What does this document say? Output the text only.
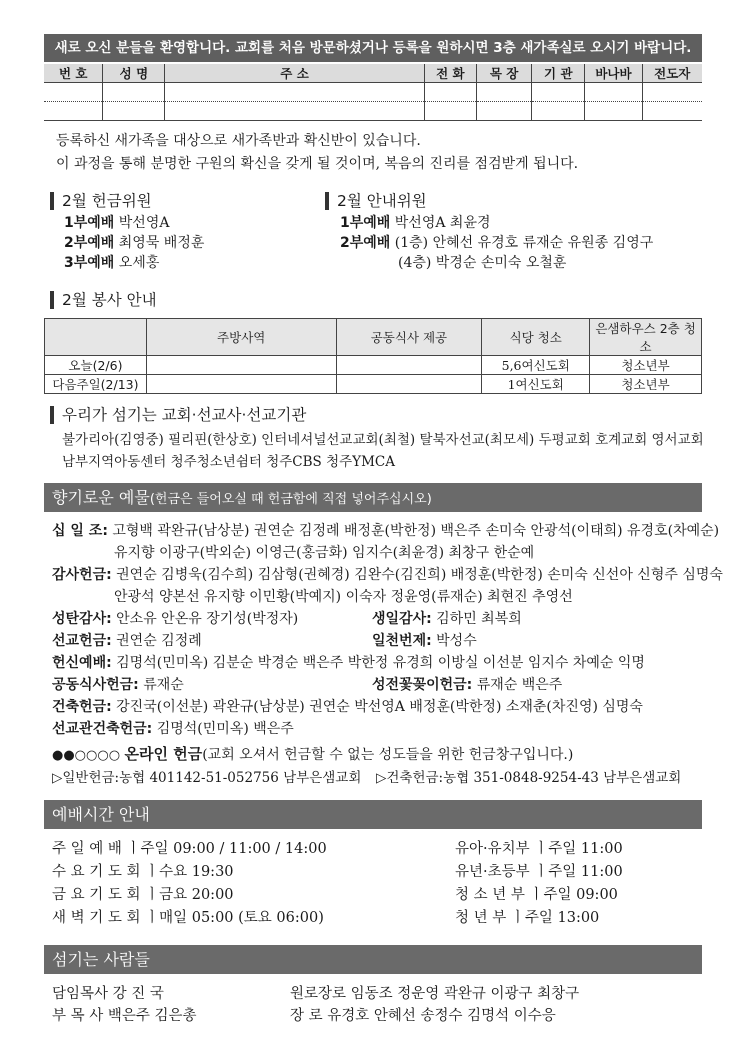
새로 오신 분들을 환영합니다. 교회를 처음 방문하셨거나 등록을 원하시면 3층 새가족실로 오시기 바랍니다.
번 호	성 명	주 소	전 화	목 장	기 관	바나바	전도자

등록하신 새가족을 대상으로 새가족반과 확신반이 있습니다.
이 과정을 통해 분명한 구원의 확신을 갖게 될 것이며, 복음의 진리를 점검받게 됩니다.
2월 헌금위원
1부예배 박선영A
2부예배 최영묵 배정훈
3부예배 오세홍
2월 안내위원
1부예배 박선영A 최윤경
2부예배 (1층) 안혜선 유경호 류재순 유원종 김영구
(4층) 박경순 손미숙 오철훈
2월 봉사 안내
	주방사역	공동식사 제공	식당 청소	은샘하우스 2층 청소
오늘(2/6)			5,6여신도회	청소년부
다음주일(2/13)			1여신도회	청소년부
우리가 섬기는 교회·선교사·선교기관
불가리아(김영중) 필리핀(한상호) 인터네셔널선교교회(최철) 탈북자선교(최모세) 두평교회 호계교회 영서교회
남부지역아동센터 청주청소년쉼터 청주CBS 청주YMCA
향기로운 예물(헌금은 들어오실 때 헌금함에 직접 넣어주십시오)
십 일 조: 고형백 곽완규(남상분) 권연순 김정례 배정훈(박한정) 백은주 손미숙 안광석(이태희) 유경호(차예순)
유지향 이광구(박외순) 이영근(홍금화) 임지수(최윤경) 최창구 한순예
감사헌금: 권연순 김병욱(김수희) 김삼형(권혜경) 김완수(김진희) 배정훈(박한정) 손미숙 신선아 신형주 심명숙
안광석 양본선 유지향 이민황(박예지) 이숙자 정윤영(류재순) 최현진 추영선
성탄감사: 안소유 안온유 장기성(박정자)	생일감사: 김하민 최복희
선교헌금: 권연순 김정례	일천번제: 박성수
헌신예배: 김명석(민미옥) 김분순 박경순 백은주 박한정 유경희 이방실 이선분 임지수 차예순 익명
공동식사헌금: 류재순	성전꽃꽂이헌금: 류재순 백은주
건축헌금: 강진국(이선분) 곽완규(남상분) 권연순 박선영A 배정훈(박한정) 소재춘(차진영) 심명숙
선교관건축헌금: 김명석(민미옥) 백은주
●●○○○○ 온라인 헌금(교회 오셔서 헌금할 수 없는 성도들을 위한 헌금창구입니다.)
▷일반헌금:농협 401142-51-052756 남부은샘교회 ▷건축헌금:농협 351-0848-9254-43 남부은샘교회
예배시간 안내
주 일 예 배 ㅣ주일 09:00 / 11:00 / 14:00
수 요 기 도 회 ㅣ수요 19:30
금 요 기 도 회 ㅣ금요 20:00
새 벽 기 도 회 ㅣ매일 05:00 (토요 06:00)
유아·유치부 ㅣ주일 11:00
유년·초등부 ㅣ주일 11:00
청 소 년 부 ㅣ주일 09:00
청 년 부 ㅣ주일 13:00
섬기는 사람들
담임목사 강 진 국
부 목 사 백은주 김은총
원로장로 임동조 정운영 곽완규 이광구 최창구
장 로 유경호 안혜선 송정수 김명석 이수응
